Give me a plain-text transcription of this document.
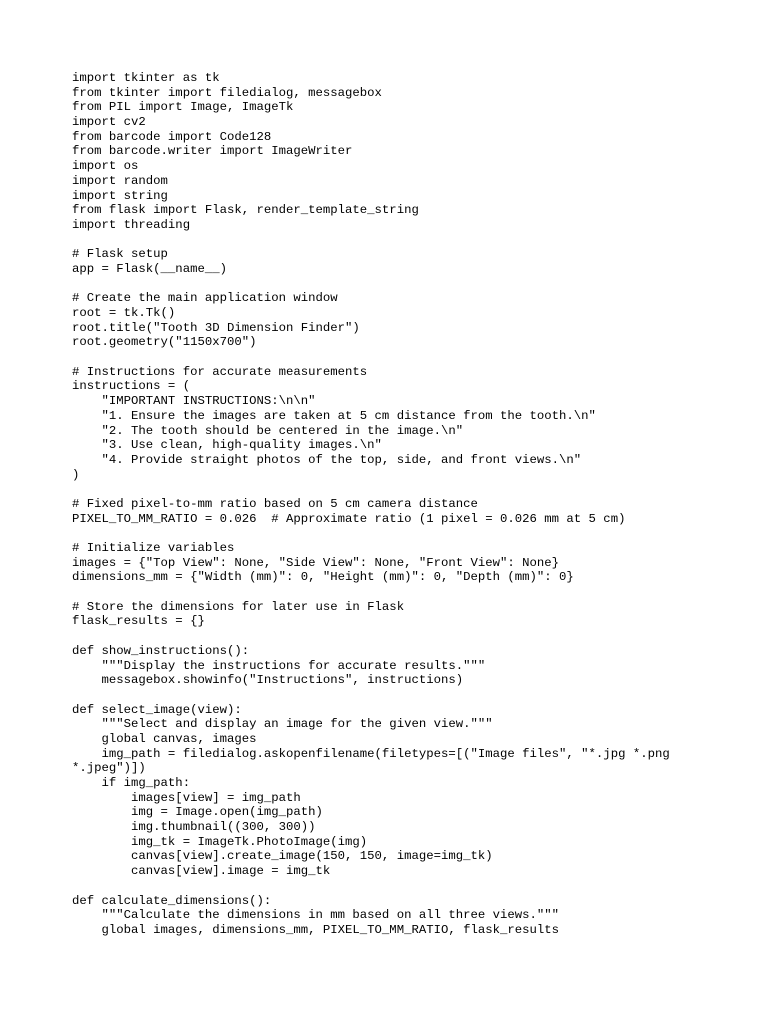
import tkinter as tk
from tkinter import filedialog, messagebox
from PIL import Image, ImageTk
import cv2
from barcode import Code128
from barcode.writer import ImageWriter
import os
import random
import string
from flask import Flask, render_template_string
import threading
# Flask setup
app = Flask(__name__)
# Create the main application window
root = tk.Tk()
root.title("Tooth 3D Dimension Finder")
root.geometry("1150x700")
# Instructions for accurate measurements
instructions = (
"IMPORTANT INSTRUCTIONS:\n\n"
"1. Ensure the images are taken at 5 cm distance from the tooth.\n"
"2. The tooth should be centered in the image.\n"
"3. Use clean, high-quality images.\n"
"4. Provide straight photos of the top, side, and front views.\n"
)
# Fixed pixel-to-mm ratio based on 5 cm camera distance
PIXEL_TO_MM_RATIO = 0.026  # Approximate ratio (1 pixel = 0.026 mm at 5 cm)
# Initialize variables
images = {"Top View": None, "Side View": None, "Front View": None}
dimensions_mm = {"Width (mm)": 0, "Height (mm)": 0, "Depth (mm)": 0}
# Store the dimensions for later use in Flask
flask_results = {}
def show_instructions():
"""Display the instructions for accurate results."""
messagebox.showinfo("Instructions", instructions)
def select_image(view):
"""Select and display an image for the given view."""
global canvas, images
img_path = filedialog.askopenfilename(filetypes=[("Image files", "*.jpg *.png
*.jpeg")])
if img_path:
images[view] = img_path
img = Image.open(img_path)
img.thumbnail((300, 300))
img_tk = ImageTk.PhotoImage(img)
canvas[view].create_image(150, 150, image=img_tk)
canvas[view].image = img_tk
def calculate_dimensions():
"""Calculate the dimensions in mm based on all three views."""
global images, dimensions_mm, PIXEL_TO_MM_RATIO, flask_results
